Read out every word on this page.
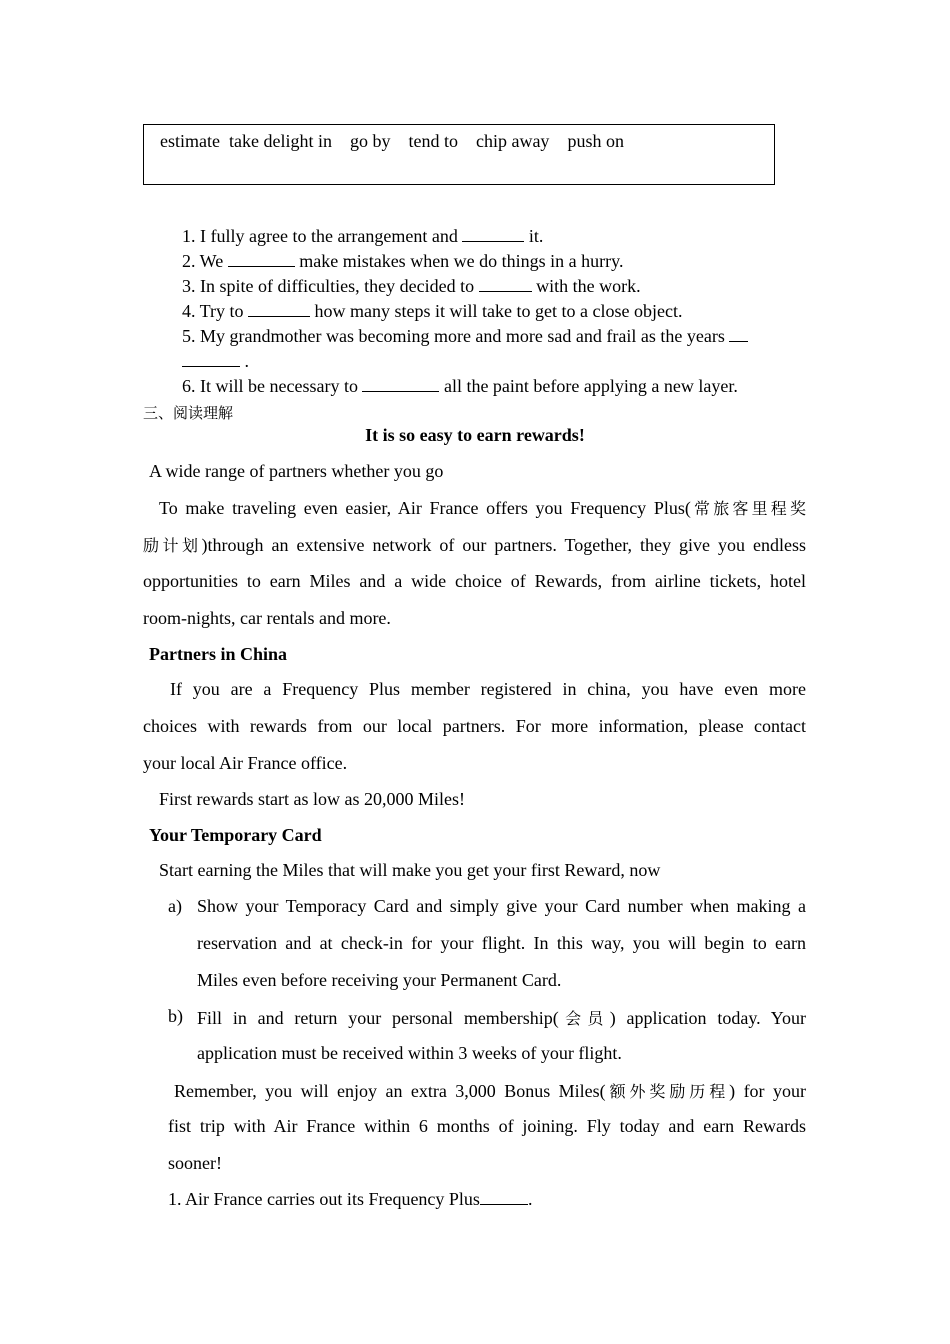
estimate take delight in go by tend to chip away push on
1. I fully agree to the arrangement and	it.
2. We	make mistakes when we do things in a hurry.
3. In spite of difficulties, they decided to	with the work.
4. Try to	how many steps it will take to get to a close object.
5. My grandmother was becoming more and more sad and frail as the years
.
6. It will be necessary to	all the paint before applying a new layer.
三、阅读理解
It is so easy to earn rewards!
A wide range of partners whether you go
To make traveling even easier, Air France offers you Frequency Plus(常旅客里程奖
励计划)through an extensive network of our partners. Together, they give you endless
opportunities to earn Miles and a wide choice of Rewards, from airline tickets, hotel
room-nights, car rentals and more.
Partners in China
If you are a Frequency Plus member registered in china, you have even more
choices with rewards from our local partners. For more information, please contact
your local Air France office.
First rewards start as low as 20,000 Miles!
Your Temporary Card
Start earning the Miles that will make you get your first Reward, now
a) Show your Temporacy Card and simply give your Card number when making a
reservation and at check-in for your flight. In this way, you will begin to earn
Miles even before receiving your Permanent Card.
b) Fill in and return your personal membership(会员) application today. Your
application must be received within 3 weeks of your flight.
Remember, you will enjoy an extra 3,000 Bonus Miles(额外奖励历程) for your
fist trip with Air France within 6 months of joining. Fly today and earn Rewards
sooner!
1. Air France carries out its Frequency Plus	.
